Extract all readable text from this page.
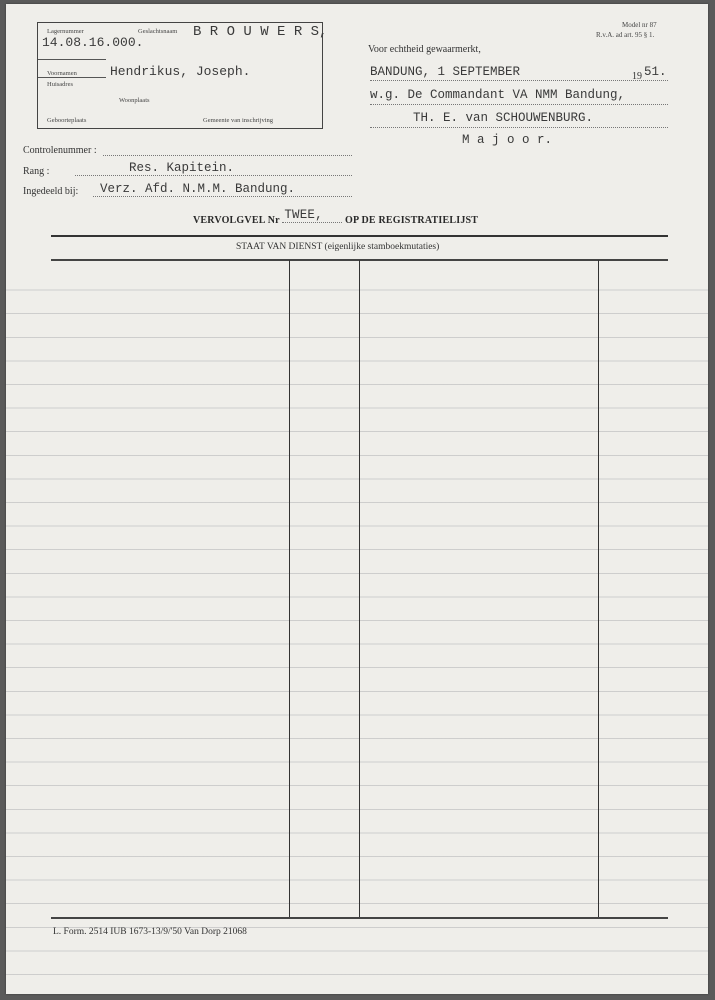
Model nr 87
R.v.A. ad art. 95 § 1.
Lagernummer
14.08.16.000.
Geslachtsnaam B R O U W E R S,
Voornamen	Hendrikus, Joseph.
Huisadres
Woonplaats
Geboorteplaats	Gemeente van inschrijving
Voor echtheid gewaarmerkt,
BANDUNG, 1 SEPTEMBER	19 51.
w.g. De Commandant VA NMM Bandung,
TH. E. van SCHOUWENBURG.
M a j o o r.
Controlenummer :
Rang :	Res. Kapitein.
Ingedeeld bij: Verz. Afd. N.M.M. Bandung.
VERVOLGVEL Nr TWEE, OP DE REGISTRATIELIJST
STAAT VAN DIENST (eigenlijke stamboekmutaties)
L. Form. 2514 IUB 1673-13/9/'50 Van Dorp 21068
